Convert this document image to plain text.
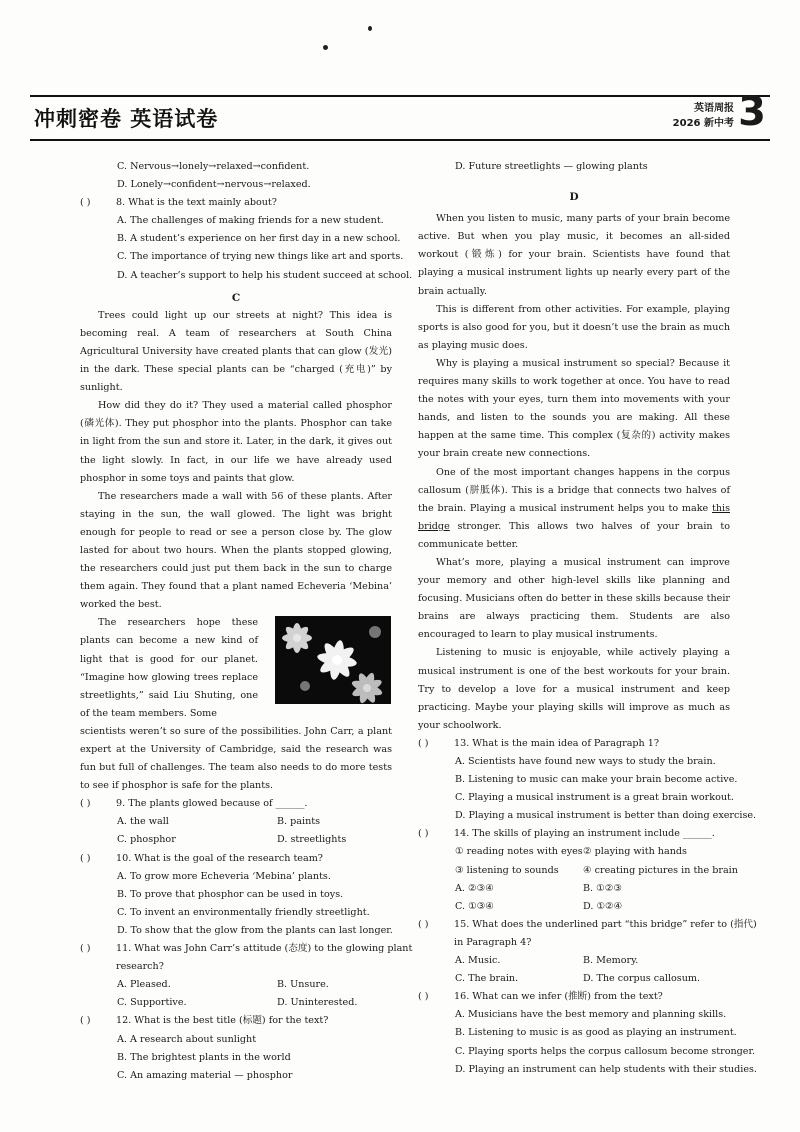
冲刺密卷 英语试卷	英语周报
2026 新中考 3
C. Nervous→lonely→relaxed→confident.
D. Lonely→confident→nervous→relaxed.
( )	8. What is the text mainly about?
A. The challenges of making friends for a new student.
B. A student’s experience on her first day in a new school.
C. The importance of trying new things like art and sports.
D. A teacher’s support to help his student succeed at school.
C

Trees could light up our streets at night? This idea is becoming real. A team of researchers at South China Agricultural University have created plants that can glow (发光) in the dark. These special plants can be “charged (充电)” by sunlight.

How did they do it? They used a material called phosphor (磷光体). They put phosphor into the plants. Phosphor can take in light from the sun and store it. Later, in the dark, it gives out the light slowly. In fact, in our life we have already used phosphor in some toys and paints that glow.

The researchers made a wall with 56 of these plants. After staying in the sun, the wall glowed. The light was bright enough for people to read or see a person close by. The glow lasted for about two hours. When the plants stopped glowing, the researchers could just put them back in the sun to charge them again. They found that a plant named Echeveria ‘Mebina’ worked the best.

The researchers hope these plants can become a new kind of light that is good for our planet. “Imagine how glowing trees replace streetlights,” said Liu Shuting, one of the team members. Some

scientists weren’t so sure of the possibilities. John Carr, a plant expert at the University of Cambridge, said the research was fun but full of challenges. The team also needs to do more tests to see if phosphor is safe for the plants.

( )	9. The plants glowed because of ______.
A. the wall	B. paints
C. phosphor	D. streetlights
( )	10. What is the goal of the research team?
A. To grow more Echeveria ‘Mebina’ plants.
B. To prove that phosphor can be used in toys.
C. To invent an environmentally friendly streetlight.
D. To show that the glow from the plants can last longer.
( )	11. What was John Carr’s attitude (态度) to the glowing plant
research?
A. Pleased.	B. Unsure.
C. Supportive.	D. Uninterested.
( )	12. What is the best title (标题) for the text?
A. A research about sunlight
B. The brightest plants in the world
C. An amazing material — phosphor
D. Future streetlights — glowing plants
D

When you listen to music, many parts of your brain become active. But when you play music, it becomes an all-sided workout (锻炼) for your brain. Scientists have found that playing a musical instrument lights up nearly every part of the brain actually.

This is different from other activities. For example, playing sports is also good for you, but it doesn’t use the brain as much as playing music does.

Why is playing a musical instrument so special? Because it requires many skills to work together at once. You have to read the notes with your eyes, turn them into movements with your hands, and listen to the sounds you are making. All these happen at the same time. This complex (复杂的) activity makes your brain create new connections.

One of the most important changes happens in the corpus callosum (胼胝体). This is a bridge that connects two halves of the brain. Playing a musical instrument helps you to make this bridge stronger. This allows two halves of your brain to communicate better.

What’s more, playing a musical instrument can improve your memory and other high-level skills like planning and focusing. Musicians often do better in these skills because their brains are always practicing them. Students are also encouraged to learn to play musical instruments.

Listening to music is enjoyable, while actively playing a musical instrument is one of the best workouts for your brain. Try to develop a love for a musical instrument and keep practicing. Maybe your playing skills will improve as much as your schoolwork.

( )	13. What is the main idea of Paragraph 1?
A. Scientists have found new ways to study the brain.
B. Listening to music can make your brain become active.
C. Playing a musical instrument is a great brain workout.
D. Playing a musical instrument is better than doing exercise.
( )	14. The skills of playing an instrument include ______.
① reading notes with eyes ② playing with hands
③ listening to sounds	④ creating pictures in the brain
A. ②③④	B. ①②③
C. ①③④	D. ①②④
( )	15. What does the underlined part “this bridge” refer to (指代)
in Paragraph 4?
A. Music.	B. Memory.
C. The brain.	D. The corpus callosum.
( )	16. What can we infer (推断) from the text?
A. Musicians have the best memory and planning skills.
B. Listening to music is as good as playing an instrument.
C. Playing sports helps the corpus callosum become stronger.
D. Playing an instrument can help students with their studies.
